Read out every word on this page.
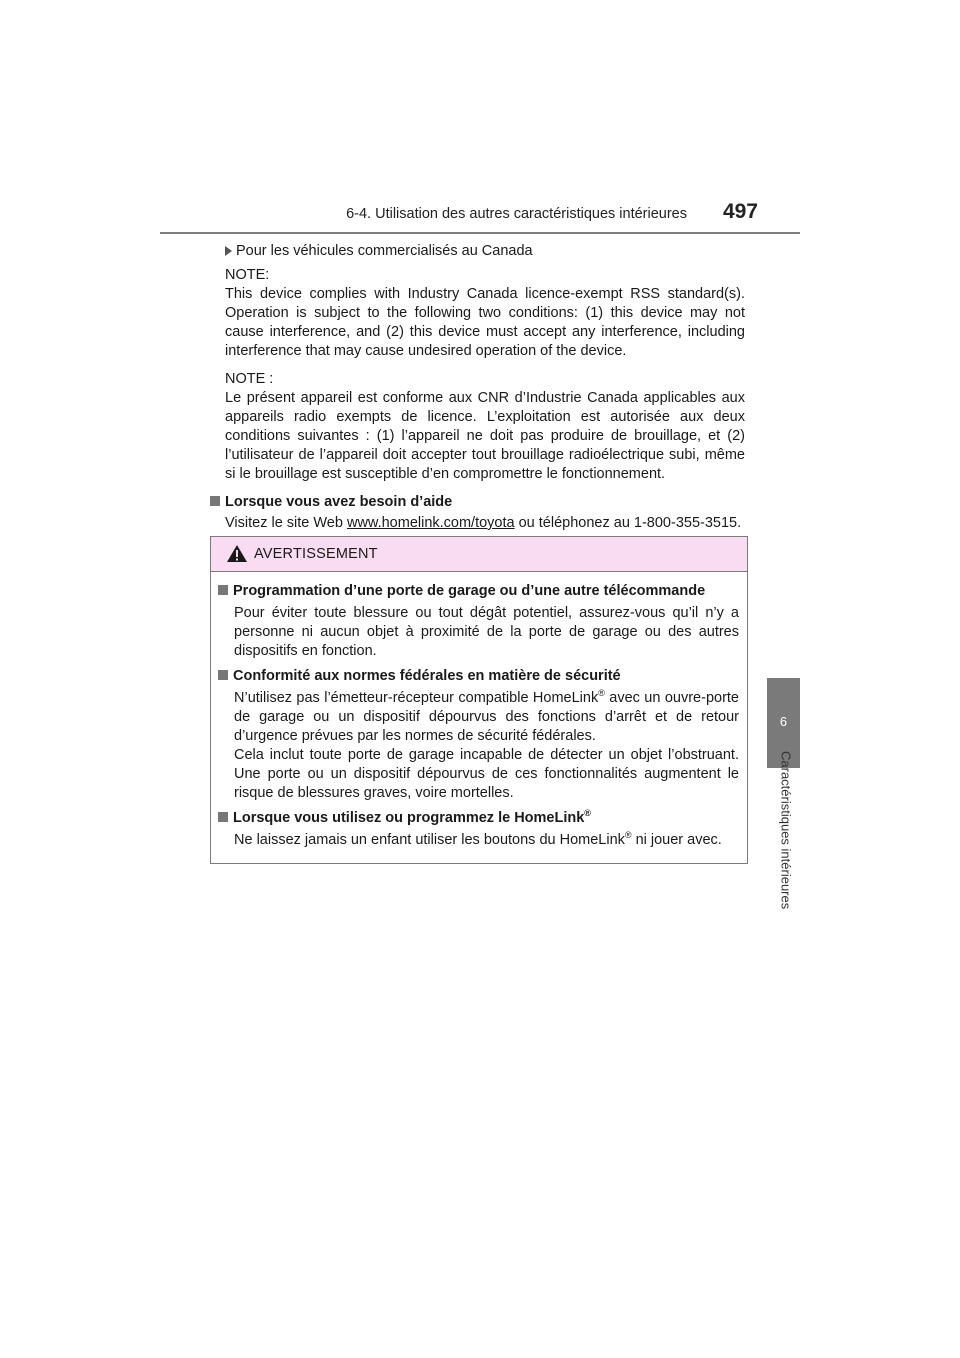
6-4. Utilisation des autres caractéristiques intérieures	497
6
Caractéristiques intérieures
Pour les véhicules commercialisés au Canada
NOTE:
This device complies with Industry Canada licence-exempt RSS standard(s). Operation is subject to the following two conditions: (1) this device may not cause interference, and (2) this device must accept any interference, including interference that may cause undesired operation of the device.
NOTE :
Le présent appareil est conforme aux CNR d’Industrie Canada applicables aux appareils radio exempts de licence. L’exploitation est autorisée aux deux conditions suivantes : (1) l’appareil ne doit pas produire de brouillage, et (2) l’utilisateur de l’appareil doit accepter tout brouillage radioélectrique subi, même si le brouillage est susceptible d’en compromettre le fonctionnement.
Lorsque vous avez besoin d’aide
Visitez le site Web www.homelink.com/toyota ou téléphonez au 1-800-355-3515.
AVERTISSEMENT
Programmation d’une porte de garage ou d’une autre télécommande
Pour éviter toute blessure ou tout dégât potentiel, assurez-vous qu’il n’y a personne ni aucun objet à proximité de la porte de garage ou des autres dispositifs en fonction.
Conformité aux normes fédérales en matière de sécurité
N’utilisez pas l’émetteur-récepteur compatible HomeLink® avec un ouvre-porte de garage ou un dispositif dépourvus des fonctions d’arrêt et de retour d’urgence prévues par les normes de sécurité fédérales.
Cela inclut toute porte de garage incapable de détecter un objet l’obstruant. Une porte ou un dispositif dépourvus de ces fonctionnalités augmentent le risque de blessures graves, voire mortelles.
Lorsque vous utilisez ou programmez le HomeLink®
Ne laissez jamais un enfant utiliser les boutons du HomeLink® ni jouer avec.
